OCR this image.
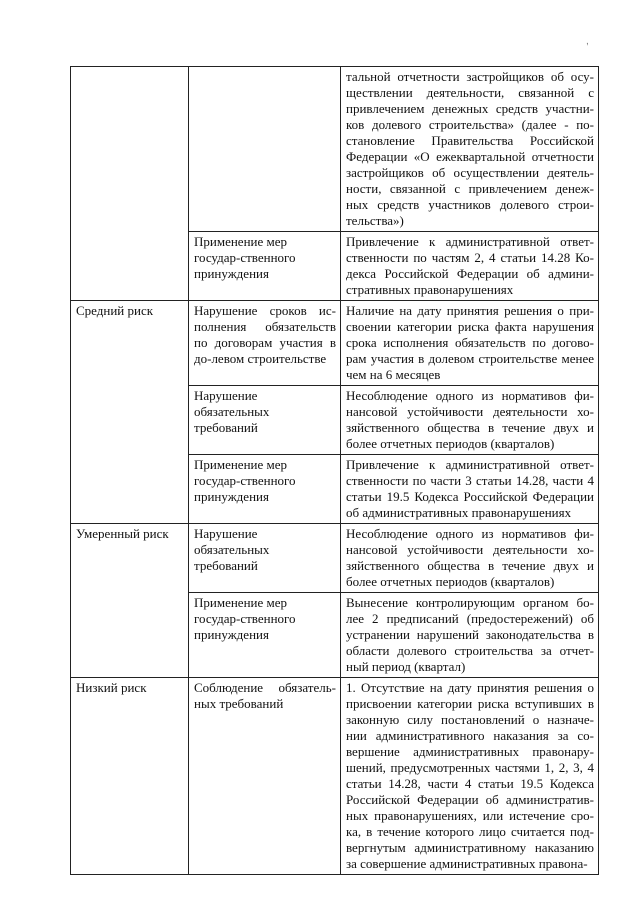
,
		тальной отчетности застройщиков об осу-ществлении деятельности, связанной с привлечением денежных средств участни-ков долевого строительства» (далее - по-становление Правительства Российской Федерации «О ежеквартальной отчетности застройщиков об осуществлении деятель-ности, связанной с привлечением денеж-ных средств участников долевого строи-тельства»)
	Применение мер государ-ственного принуждения	Привлечение к административной ответ-ственности по частям 2, 4 статьи 14.28 Ко-декса Российской Федерации об админи-стративных правонарушениях
Средний риск	Нарушение сроков ис-полнения обязательств по договорам участия в до-левом строительстве	Наличие на дату принятия решения о при-своении категории риска факта нарушения срока исполнения обязательств по догово-рам участия в долевом строительстве менее чем на 6 месяцев
	Нарушение обязательных требований	Несоблюдение одного из нормативов фи-нансовой устойчивости деятельности хо-зяйственного общества в течение двух и более отчетных периодов (кварталов)
	Применение мер государ-ственного принуждения	Привлечение к административной ответ-ственности по части 3 статьи 14.28, части 4 статьи 19.5 Кодекса Российской Федерации об административных правонарушениях
Умеренный риск	Нарушение обязательных требований	Несоблюдение одного из нормативов фи-нансовой устойчивости деятельности хо-зяйственного общества в течение двух и более отчетных периодов (кварталов)
	Применение мер государ-ственного принуждения	Вынесение контролирующим органом бо-лее 2 предписаний (предостережений) об устранении нарушений законодательства в области долевого строительства за отчет-ный период (квартал)
Низкий риск	Соблюдение обязатель-ных требований	1. Отсутствие на дату принятия решения о присвоении категории риска вступивших в законную силу постановлений о назначе-нии административного наказания за со-вершение административных правонару-шений, предусмотренных частями 1, 2, 3, 4 статьи 14.28, части 4 статьи 19.5 Кодекса Российской Федерации об административ-ных правонарушениях, или истечение сро-ка, в течение которого лицо считается под-вергнутым административному наказанию за совершение административных правона-
